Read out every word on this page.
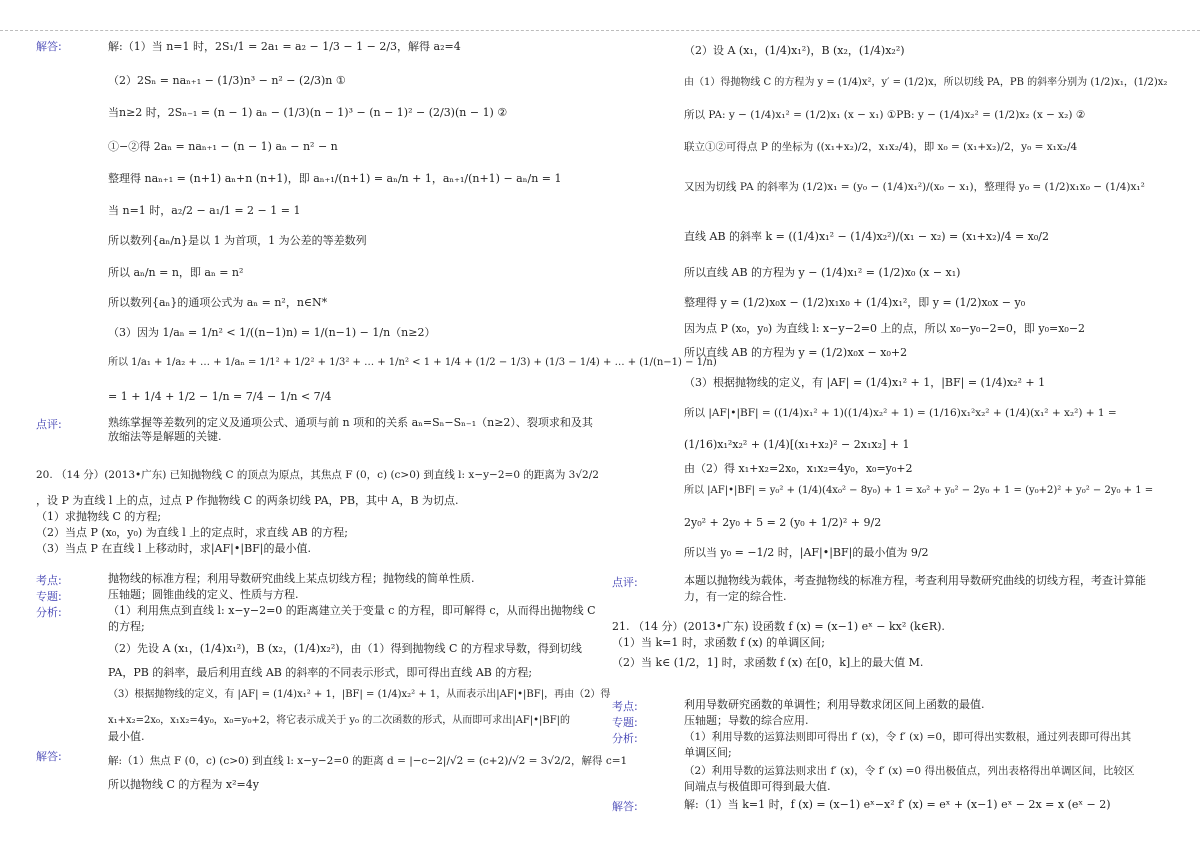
解答:	解:（1）当 n=1 时，2S₁/1 = 2a₁ = a₂ − 1/3 − 1 − 2/3，解得 a₂=4
（2）2Sₙ = naₙ₊₁ − (1/3)n³ − n² − (2/3)n ①
当n≥2 时，2Sₙ₋₁ = (n − 1) aₙ − (1/3)(n − 1)³ − (n − 1)² − (2/3)(n − 1) ②
①−②得 2aₙ = naₙ₊₁ − (n − 1) aₙ − n² − n
整理得 naₙ₊₁ = (n+1) aₙ+n (n+1)，即 aₙ₊₁/(n+1) = aₙ/n + 1，aₙ₊₁/(n+1) − aₙ/n = 1
当 n=1 时，a₂/2 − a₁/1 = 2 − 1 = 1
所以数列{aₙ/n}是以 1 为首项，1 为公差的等差数列
所以 aₙ/n = n，即 aₙ = n²
所以数列{aₙ}的通项公式为 aₙ = n²，n∈N*
（3）因为 1/aₙ = 1/n² < 1/((n−1)n) = 1/(n−1) − 1/n（n≥2）
所以 1/a₁ + 1/a₂ + … + 1/aₙ = 1/1² + 1/2² + 1/3² + … + 1/n² < 1 + 1/4 + (1/2 − 1/3) + (1/3 − 1/4) + … + (1/(n−1) − 1/n)
= 1 + 1/4 + 1/2 − 1/n = 7/4 − 1/n < 7/4
点评:	熟练掌握等差数列的定义及通项公式、通项与前 n 项和的关系 aₙ=Sₙ−Sₙ₋₁（n≥2）、裂项求和及其放缩法等是解题的关键.
20. （14 分）(2013•广东) 已知抛物线 C 的顶点为原点，其焦点 F (0，c) (c>0) 到直线 l: x−y−2=0 的距离为 3√2/2
，设 P 为直线 l 上的点，过点 P 作抛物线 C 的两条切线 PA，PB，其中 A，B 为切点.
（1）求抛物线 C 的方程;
（2）当点 P (x₀，y₀) 为直线 l 上的定点时，求直线 AB 的方程;
（3）当点 P 在直线 l 上移动时，求|AF|•|BF|的最小值.
考点:	抛物线的标准方程；利用导数研究曲线上某点切线方程；抛物线的简单性质.
专题:	压轴题；圆锥曲线的定义、性质与方程.
分析:	（1）利用焦点到直线 l: x−y−2=0 的距离建立关于变量 c 的方程，即可解得 c，从而得出抛物线 C
的方程;
（2）先设 A (x₁，(1/4)x₁²)，B (x₂，(1/4)x₂²)，由（1）得到抛物线 C 的方程求导数，得到切线
PA，PB 的斜率，最后利用直线 AB 的斜率的不同表示形式，即可得出直线 AB 的方程;
（3）根据抛物线的定义，有 |AF| = (1/4)x₁² + 1，|BF| = (1/4)x₂² + 1，从而表示出|AF|•|BF|，再由（2）得
x₁+x₂=2x₀，x₁x₂=4y₀，x₀=y₀+2，将它表示成关于 y₀ 的二次函数的形式，从而即可求出|AF|•|BF|的
最小值.
解答:	解:（1）焦点 F (0，c) (c>0) 到直线 l: x−y−2=0 的距离 d = |−c−2|/√2 = (c+2)/√2 = 3√2/2，解得 c=1
所以抛物线 C 的方程为 x²=4y
（2）设 A (x₁，(1/4)x₁²)，B (x₂，(1/4)x₂²)
由（1）得抛物线 C 的方程为 y = (1/4)x²，y′ = (1/2)x，所以切线 PA，PB 的斜率分别为 (1/2)x₁，(1/2)x₂
所以 PA: y − (1/4)x₁² = (1/2)x₁ (x − x₁) ①PB: y − (1/4)x₂² = (1/2)x₂ (x − x₂) ②
联立①②可得点 P 的坐标为 ((x₁+x₂)/2，x₁x₂/4)，即 x₀ = (x₁+x₂)/2，y₀ = x₁x₂/4
又因为切线 PA 的斜率为 (1/2)x₁ = (y₀ − (1/4)x₁²)/(x₀ − x₁)，整理得 y₀ = (1/2)x₁x₀ − (1/4)x₁²
直线 AB 的斜率 k = ((1/4)x₁² − (1/4)x₂²)/(x₁ − x₂) = (x₁+x₂)/4 = x₀/2
所以直线 AB 的方程为 y − (1/4)x₁² = (1/2)x₀ (x − x₁)
整理得 y = (1/2)x₀x − (1/2)x₁x₀ + (1/4)x₁²，即 y = (1/2)x₀x − y₀
因为点 P (x₀，y₀) 为直线 l: x−y−2=0 上的点，所以 x₀−y₀−2=0，即 y₀=x₀−2
所以直线 AB 的方程为 y = (1/2)x₀x − x₀+2
（3）根据抛物线的定义，有 |AF| = (1/4)x₁² + 1，|BF| = (1/4)x₂² + 1
所以 |AF|•|BF| = ((1/4)x₁² + 1)((1/4)x₂² + 1) = (1/16)x₁²x₂² + (1/4)(x₁² + x₂²) + 1 =
(1/16)x₁²x₂² + (1/4)[(x₁+x₂)² − 2x₁x₂] + 1
由（2）得 x₁+x₂=2x₀，x₁x₂=4y₀，x₀=y₀+2
所以 |AF|•|BF| = y₀² + (1/4)(4x₀² − 8y₀) + 1 = x₀² + y₀² − 2y₀ + 1 = (y₀+2)² + y₀² − 2y₀ + 1 =
2y₀² + 2y₀ + 5 = 2 (y₀ + 1/2)² + 9/2
所以当 y₀ = −1/2 时，|AF|•|BF|的最小值为 9/2
点评:	本题以抛物线为载体，考查抛物线的标准方程，考查利用导数研究曲线的切线方程，考查计算能
力，有一定的综合性.
21. （14 分）(2013•广东) 设函数 f (x) = (x−1) eˣ − kx² (k∈R).
（1）当 k=1 时，求函数 f (x) 的单调区间;
（2）当 k∈ (1/2，1] 时，求函数 f (x) 在[0，k]上的最大值 M.
考点:	利用导数研究函数的单调性；利用导数求闭区间上函数的最值.
专题:	压轴题；导数的综合应用.
分析:	（1）利用导数的运算法则即可得出 f′ (x)，令 f′ (x) =0，即可得出实数根，通过列表即可得出其
单调区间;
（2）利用导数的运算法则求出 f′ (x)，令 f′ (x) =0 得出极值点，列出表格得出单调区间，比较区
间端点与极值即可得到最大值.
解答:	解:（1）当 k=1 时，f (x) = (x−1) eˣ−x² f′ (x) = eˣ + (x−1) eˣ − 2x = x (eˣ − 2)
